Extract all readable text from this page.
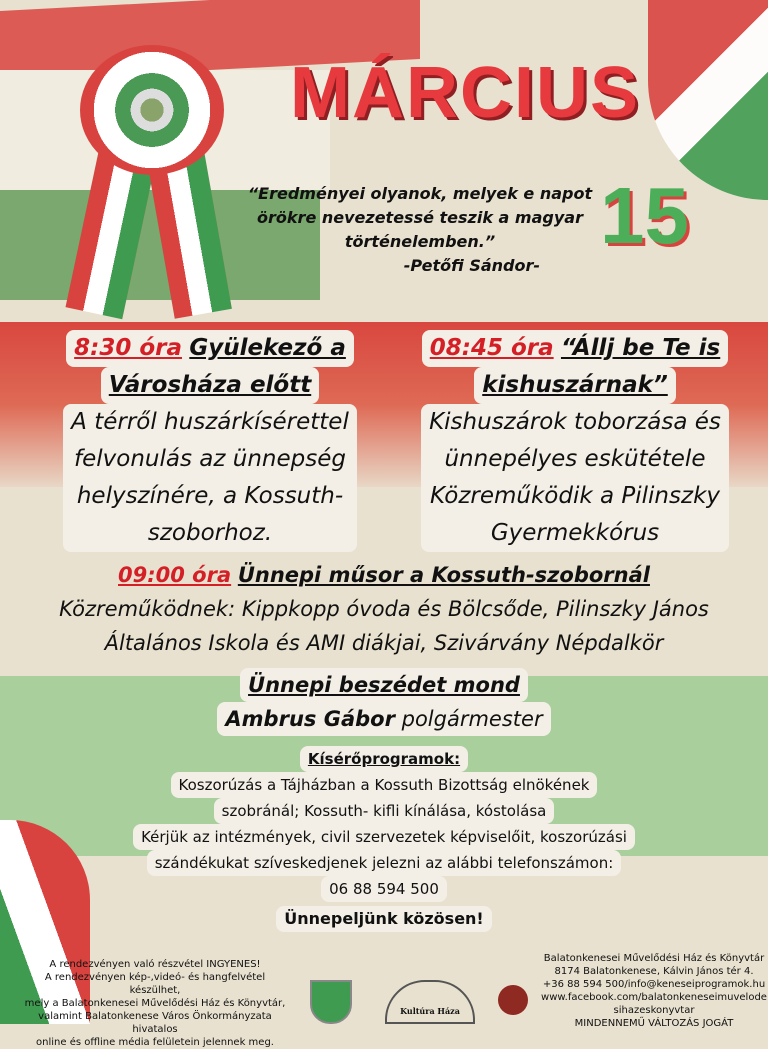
MÁRCIUS
15
“Eredményei olyanok, melyek e napot örökre nevezetessé teszik a magyar történelemben.”
-Petőfi Sándor-
8:30 óra Gyülekező a
Városháza előtt
A térről huszárkísérettel
felvonulás az ünnepség
helyszínére, a Kossuth-
szoborhoz.
08:45 óra “Állj be Te is
kishuszárnak”
Kishuszárok toborzása és
ünnepélyes eskütétele
Közreműködik a Pilinszky
Gyermekkórus
09:00 óra Ünnepi műsor a Kossuth-szobornál
Közreműködnek: Kippkopp óvoda és Bölcsőde, Pilinszky János
Általános Iskola és AMI diákjai, Szivárvány Népdalkör
Ünnepi beszédet mond
Ambrus Gábor polgármester
Kísérőprogramok:
Koszorúzás a Tájházban a Kossuth Bizottság elnökének
szobránál; Kossuth- kifli kínálása, kóstolása
Kérjük az intézmények, civil szervezetek képviselőit, koszorúzási
szándékukat szíveskedjenek jelezni az alábbi telefonszámon:
06 88 594 500
Ünnepeljünk közösen!
A rendezvényen való részvétel INGYENES!
A rendezvényen kép-,videó- és hangfelvétel készülhet,
mely a Balatonkenesei Művelődési Ház és Könyvtár,
valamint Balatonkenese Város Önkormányzata hivatalos
online és offline média felületein jelennek meg.
Kultúra Háza
Balatonkenesei Művelődési Ház és Könyvtár
8174 Balatonkenese, Kálvin János tér 4.
+36 88 594 500/info@keneseiprogramok.hu
www.facebook.com/balatonkeneseimuvelode
sihazeskonyvtar
MINDENNEMŰ VÁLTOZÁS JOGÁT
